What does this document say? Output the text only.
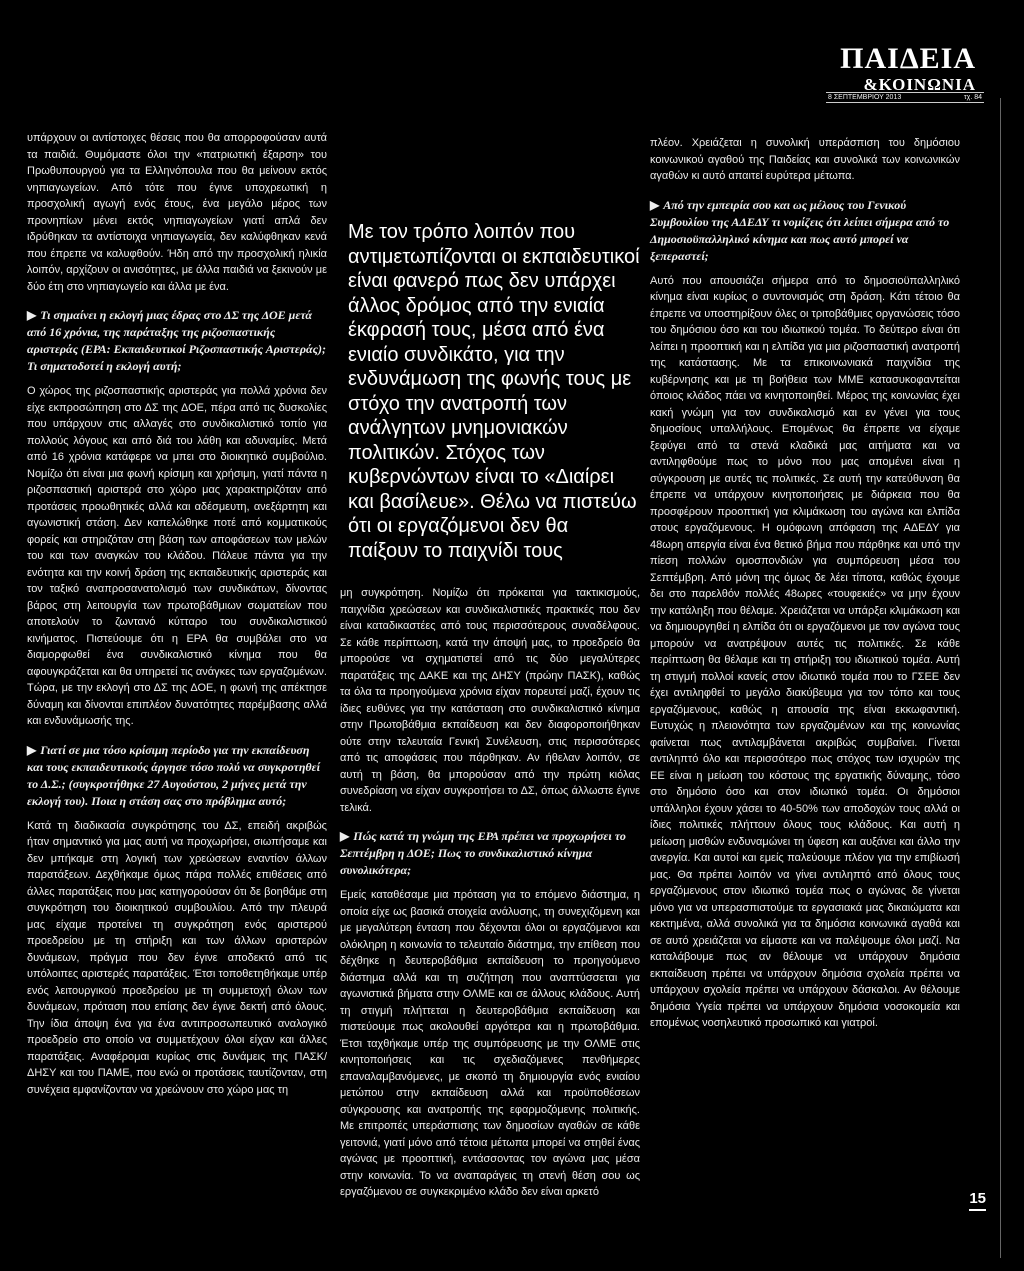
ΠΑΙΔΕΙΑ
&ΚΟΙΝΩΝΙΑ
8 ΣΕΠΤΕΜΒΡΙΟΥ 2013	τχ. 84

υπάρχουν οι αντίστοιχες θέσεις που θα απορροφούσαν αυτά τα παιδιά. Θυμόμαστε όλοι την «πατριωτική έξαρση» του Πρωθυπουργού για τα Ελληνόπουλα που θα μείνουν εκτός νηπιαγωγείων. Από τότε που έγινε υποχρεωτική η προσχολική αγωγή ενός έτους, ένα μεγάλο μέρος των προνηπίων μένει εκτός νηπιαγωγείων γιατί απλά δεν ιδρύθηκαν τα αντίστοιχα νηπιαγωγεία, δεν καλύφθηκαν κενά που έπρεπε να καλυφθούν. Ήδη από την προσχολική ηλικία λοιπόν, αρχίζουν οι ανισότητες, με άλλα παιδιά να ξεκινούν με δύο έτη στο νηπιαγωγείο και άλλα με ένα.

▶ Τι σημαίνει η εκλογή μιας έδρας στο ΔΣ της ΔΟΕ μετά από 16 χρόνια, της παράταξης της ριζοσπαστικής αριστεράς (ΕΡΑ: Εκπαιδευτικοί Ριζοσπαστικής Αριστεράς); Τι σηματοδοτεί η εκλογή αυτή;

Ο χώρος της ριζοσπαστικής αριστεράς για πολλά χρόνια δεν είχε εκπροσώπηση στο ΔΣ της ΔΟΕ, πέρα από τις δυσκολίες που υπάρχουν στις αλλαγές στο συνδικαλιστικό τοπίο για πολλούς λόγους και από διά του λάθη και αδυναμίες. Μετά από 16 χρόνια κατάφερε να μπει στο διοικητικό συμβούλιο. Νομίζω ότι είναι μια φωνή κρίσιμη και χρήσιμη, γιατί πάντα η ριζοσπαστική αριστερά στο χώρο μας χαρακτηριζόταν από προτάσεις προωθητικές αλλά και αδέσμευτη, ανεξάρτητη και αγωνιστική στάση. Δεν καπελώθηκε ποτέ από κομματικούς φορείς και στηριζόταν στη βάση των αποφάσεων των μελών του και των αναγκών του κλάδου. Πάλευε πάντα για την ενότητα και την κοινή δράση της εκπαιδευτικής αριστεράς και τον ταξικό αναπροσανατολισμό των συνδικάτων, δίνοντας βάρος στη λειτουργία των πρωτοβάθμιων σωματείων που αποτελούν το ζωντανό κύτταρο του συνδικαλιστικού κινήματος. Πιστεύουμε ότι η ΕΡΑ θα συμβάλει στο να διαμορφωθεί ένα συνδικαλιστικό κίνημα που θα αφουγκράζεται και θα υπηρετεί τις ανάγκες των εργαζομένων. Τώρα, με την εκλογή στο ΔΣ της ΔΟΕ, η φωνή της απέκτησε δύναμη και δίνονται επιπλέον δυνατότητες παρέμβασης αλλά και ενδυνάμωσής της.

▶ Γιατί σε μια τόσο κρίσιμη περίοδο για την εκπαίδευση και τους εκπαιδευτικούς άργησε τόσο πολύ να συγκροτηθεί το Δ.Σ.; (συγκροτήθηκε 27 Αυγούστου, 2 μήνες μετά την εκλογή του). Ποια η στάση σας στο πρόβλημα αυτό;

Κατά τη διαδικασία συγκρότησης του ΔΣ, επειδή ακριβώς ήταν σημαντικό για μας αυτή να προχωρήσει, σιωπήσαμε και δεν μπήκαμε στη λογική των χρεώσεων εναντίον άλλων παρατάξεων. Δεχθήκαμε όμως πάρα πολλές επιθέσεις από άλλες παρατάξεις που μας κατηγορούσαν ότι δε βοηθάμε στη συγκρότηση του διοικητικού συμβουλίου. Από την πλευρά μας είχαμε προτείνει τη συγκρότηση ενός αριστερού προεδρείου με τη στήριξη και των άλλων αριστερών δυνάμεων, πράγμα που δεν έγινε αποδεκτό από τις υπόλοιπες αριστερές παρατάξεις. Έτσι τοποθετηθήκαμε υπέρ ενός λειτουργικού προεδρείου με τη συμμετοχή όλων των δυνάμεων, πρόταση που επίσης δεν έγινε δεκτή από όλους. Την ίδια άποψη ένα για ένα αντιπροσωπευτικό αναλογικό προεδρείο στο οποίο να συμμετέχουν όλοι είχαν και άλλες παρατάξεις. Αναφέρομαι κυρίως στις δυνάμεις της ΠΑΣΚ/ΔΗΣΥ και του ΠΑΜΕ, που ενώ οι προτάσεις ταυτίζονταν, στη συνέχεια εμφανίζονταν να χρεώνουν στο χώρο μας τη

Με τον τρόπο λοιπόν που αντιμετωπίζονται οι εκπαιδευτικοί είναι φανερό πως δεν υπάρχει άλλος δρόμος από την ενιαία έκφρασή τους, μέσα από ένα ενιαίο συνδικάτο, για την ενδυνάμωση της φωνής τους με στόχο την ανατροπή των ανάλγητων μνημονιακών πολιτικών. Στόχος των κυβερνώντων είναι το «Διαίρει και βασίλευε». Θέλω να πιστεύω ότι οι εργαζόμενοι δεν θα παίξουν το παιχνίδι τους

μη συγκρότηση. Νομίζω ότι πρόκειται για τακτικισμούς, παιχνίδια χρεώσεων και συνδικαλιστικές πρακτικές που δεν είναι καταδικαστέες από τους περισσότερους συναδέλφους. Σε κάθε περίπτωση, κατά την άποψή μας, το προεδρείο θα μπορούσε να σχηματιστεί από τις δύο μεγαλύτερες παρατάξεις της ΔΑΚΕ και της ΔΗΣΥ (πρώην ΠΑΣΚ), καθώς τα όλα τα προηγούμενα χρόνια είχαν πορευτεί μαζί, έχουν τις ίδιες ευθύνες για την κατάσταση στο συνδικαλιστικό κίνημα στην Πρωτοβάθμια εκπαίδευση και δεν διαφοροποιήθηκαν ούτε στην τελευταία Γενική Συνέλευση, στις περισσότερες από τις αποφάσεις που πάρθηκαν. Αν ήθελαν λοιπόν, σε αυτή τη βάση, θα μπορούσαν από την πρώτη κιόλας συνεδρίαση να είχαν συγκροτήσει το ΔΣ, όπως άλλωστε έγινε τελικά.

▶ Πώς κατά τη γνώμη της ΕΡΑ πρέπει να προχωρήσει το Σεπτέμβρη η ΔΟΕ; Πως το συνδικαλιστικό κίνημα συνολικότερα;

Εμείς καταθέσαμε μια πρόταση για το επόμενο διάστημα, η οποία είχε ως βασικά στοιχεία ανάλυσης, τη συνεχιζόμενη και με μεγαλύτερη ένταση που δέχονται όλοι οι εργαζόμενοι και ολόκληρη η κοινωνία το τελευταίο διάστημα, την επίθεση που δέχθηκε η δευτεροβάθμια εκπαίδευση το προηγούμενο διάστημα αλλά και τη συζήτηση που αναπτύσσεται για αγωνιστικά βήματα στην ΟΛΜΕ και σε άλλους κλάδους. Αυτή τη στιγμή πλήττεται η δευτεροβάθμια εκπαίδευση και πιστεύουμε πως ακολουθεί αργότερα και η πρωτοβάθμια. Έτσι ταχθήκαμε υπέρ της συμπόρευσης με την ΟΛΜΕ στις κινητοποιήσεις και τις σχεδιαζόμενες πενθήμερες επαναλαμβανόμενες, με σκοπό τη δημιουργία ενός ενιαίου μετώπου στην εκπαίδευση αλλά και προϋποθέσεων σύγκρουσης και ανατροπής της εφαρμοζόμενης πολιτικής. Με επιτροπές υπεράσπισης των δημοσίων αγαθών σε κάθε γειτονιά, γιατί μόνο από τέτοια μέτωπα μπορεί να στηθεί ένας αγώνας με προοπτική, εντάσσοντας τον αγώνα μας μέσα στην κοινωνία. Το να αναπαράγεις τη στενή θέση σου ως εργαζόμενου σε συγκεκριμένο κλάδο δεν είναι αρκετό

πλέον. Χρειάζεται η συνολική υπεράσπιση του δημόσιου κοινωνικού αγαθού της Παιδείας και συνολικά των κοινωνικών αγαθών κι αυτό απαιτεί ευρύτερα μέτωπα.

▶ Από την εμπειρία σου και ως μέλους του Γενικού Συμβουλίου της ΑΔΕΔΥ τι νομίζεις ότι λείπει σήμερα από το Δημοσιοϋπαλληλικό κίνημα και πως αυτό μπορεί να ξεπεραστεί;

Αυτό που απουσιάζει σήμερα από το δημοσιοϋπαλληλικό κίνημα είναι κυρίως ο συντονισμός στη δράση. Κάτι τέτοιο θα έπρεπε να υποστηρίξουν όλες οι τριτοβάθμιες οργανώσεις τόσο του δημόσιου όσο και του ιδιωτικού τομέα. Το δεύτερο είναι ότι λείπει η προοπτική και η ελπίδα για μια ριζοσπαστική ανατροπή της κατάστασης. Με τα επικοινωνιακά παιχνίδια της κυβέρνησης και με τη βοήθεια των ΜΜΕ κατασυκοφαντείται όποιος κλάδος πάει να κινητοποιηθεί. Μέρος της κοινωνίας έχει κακή γνώμη για τον συνδικαλισμό και εν γένει για τους δημοσίους υπαλλήλους. Επομένως θα έπρεπε να είχαμε ξεφύγει από τα στενά κλαδικά μας αιτήματα και να αντιληφθούμε πως το μόνο που μας απομένει είναι η σύγκρουση με αυτές τις πολιτικές. Σε αυτή την κατεύθυνση θα έπρεπε να υπάρχουν κινητοποιήσεις με διάρκεια που θα προσφέρουν προοπτική για κλιμάκωση του αγώνα και ελπίδα στους εργαζόμενους. Η ομόφωνη απόφαση της ΑΔΕΔΥ για 48ωρη απεργία είναι ένα θετικό βήμα που πάρθηκε και υπό την πίεση πολλών ομοσπονδιών για συμπόρευση μέσα του Σεπτέμβρη. Από μόνη της όμως δε λέει τίποτα, καθώς έχουμε δει στο παρελθόν πολλές 48ωρες «τουφεκιές» να μην έχουν την κατάληξη που θέλαμε. Χρειάζεται να υπάρξει κλιμάκωση και να δημιουργηθεί η ελπίδα ότι οι εργαζόμενοι με τον αγώνα τους μπορούν να ανατρέψουν αυτές τις πολιτικές. Σε κάθε περίπτωση θα θέλαμε και τη στήριξη του ιδιωτικού τομέα. Αυτή τη στιγμή πολλοί κανείς στον ιδιωτικό τομέα που το ΓΣΕΕ δεν έχει αντιληφθεί το μεγάλο διακύβευμα για τον τόπο και τους εργαζόμενους, καθώς η απουσία της είναι εκκωφαντική. Ευτυχώς η πλειονότητα των εργαζομένων και της κοινωνίας φαίνεται πως αντιλαμβάνεται ακριβώς συμβαίνει. Γίνεται αντιληπτό όλο και περισσότερο πως στόχος των ισχυρών της ΕΕ είναι η μείωση του κόστους της εργατικής δύναμης, τόσο στο δημόσιο όσο και στον ιδιωτικό τομέα. Οι δημόσιοι υπάλληλοι έχουν χάσει το 40-50% των αποδοχών τους αλλά οι ίδιες πολιτικές πλήττουν όλους τους κλάδους. Και αυτή η μείωση μισθών ενδυναμώνει τη ύφεση και αυξάνει και άλλο την ανεργία. Και αυτοί και εμείς παλεύουμε πλέον για την επιβίωσή μας. Θα πρέπει λοιπόν να γίνει αντιληπτό από όλους τους εργαζόμενους στον ιδιωτικό τομέα πως ο αγώνας δε γίνεται μόνο για να υπερασπιστούμε τα εργασιακά μας δικαιώματα και κεκτημένα, αλλά συνολικά για τα δημόσια κοινωνικά αγαθά και σε αυτό χρειάζεται να είμαστε και να παλέψουμε όλοι μαζί. Να καταλάβουμε πως αν θέλουμε να υπάρχουν δημόσια εκπαίδευση πρέπει να υπάρχουν δημόσια σχολεία πρέπει να υπάρχουν σχολεία πρέπει να υπάρχουν δάσκαλοι. Αν θέλουμε δημόσια Υγεία πρέπει να υπάρχουν δημόσια νοσοκομεία και επομένως νοσηλευτικό προσωπικό και γιατροί.

15
